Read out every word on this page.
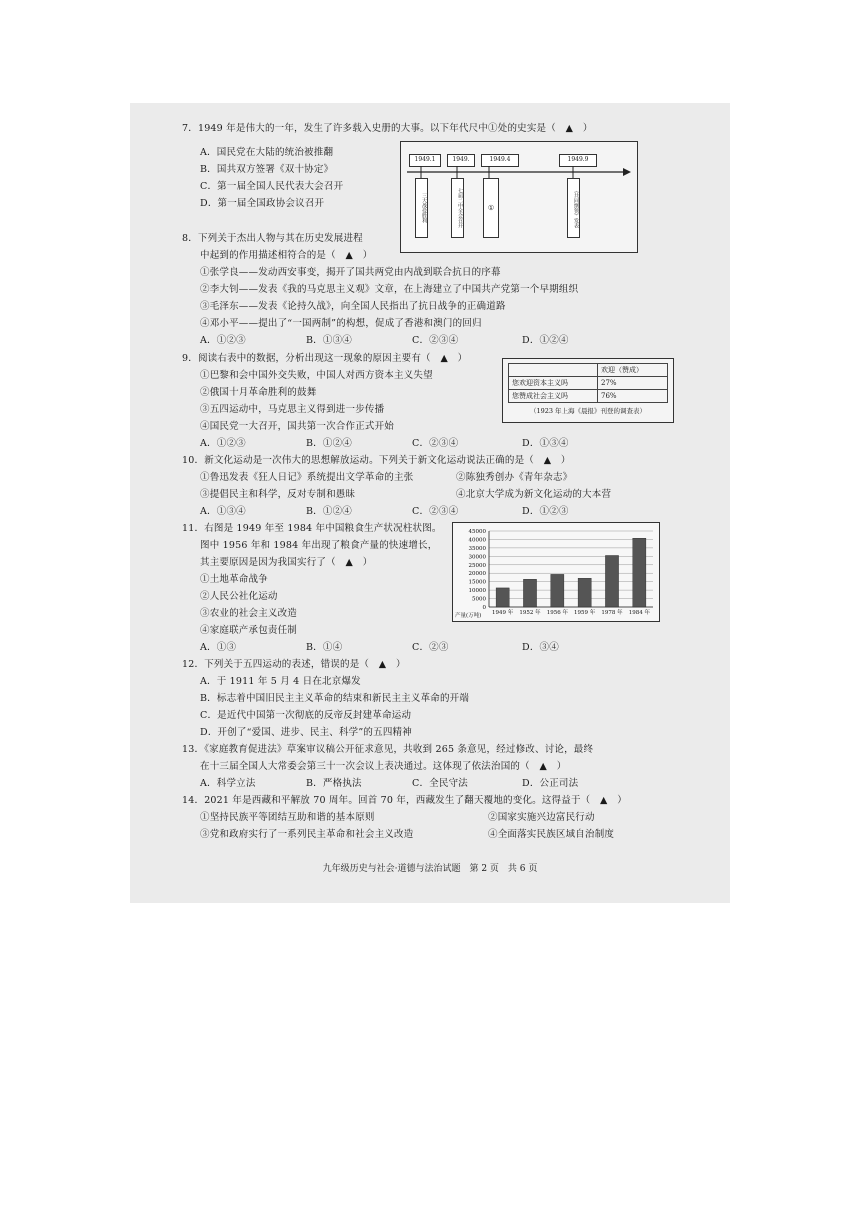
7．1949 年是伟大的一年，发生了许多载入史册的大事。以下年代尺中①处的史实是（　▲　）
A．国民党在大陆的统治被推翻
B．国共双方签署《双十协定》
C．第一届全国人民代表大会召开
D．第一届全国政协会议召开
1949.1	1949.	1949.4	1949.9
三大战役胜利	七届二中全会召开	①	《共同纲领》发表
8．下列关于杰出人物与其在历史发展进程
中起到的作用描述相符合的是（　▲　）
①张学良——发动西安事变，揭开了国共两党由内战到联合抗日的序幕
②李大钊——发表《我的马克思主义观》文章，在上海建立了中国共产党第一个早期组织
③毛泽东——发表《论持久战》，向全国人民指出了抗日战争的正确道路
④邓小平——提出了“一国两制”的构想，促成了香港和澳门的回归
A．①②③	B．①③④	C．②③④	D．①②④
9．阅读右表中的数据，分析出现这一现象的原因主要有（　▲　）
①巴黎和会中国外交失败，中国人对西方资本主义失望
②俄国十月革命胜利的鼓舞
③五四运动中，马克思主义得到进一步传播
④国民党一大召开，国共第一次合作正式开始
A．①②③	B．①②④	C．②③④	D．①③④
	欢迎（赞成）
您欢迎资本主义吗	27%
您赞成社会主义吗	76%
（1923 年上海《晨报》刊登的调查表）
10．新文化运动是一次伟大的思想解放运动。下列关于新文化运动说法正确的是（　▲　）
①鲁迅发表《狂人日记》系统提出文学革命的主张	②陈独秀创办《青年杂志》
③提倡民主和科学，反对专制和愚昧	④北京大学成为新文化运动的大本营
A．①③④	B．①②④	C．②③④	D．①②③
11．右图是 1949 年至 1984 年中国粮食生产状况柱状图。
图中 1956 年和 1984 年出现了粮食产量的快速增长，
其主要原因是因为我国实行了（　▲　）
①土地革命战争
②人民公社化运动
③农业的社会主义改造
④家庭联产承包责任制
A．①③	B．①④	C．②③	D．③④
45000
40000
35000
30000
25000
20000
15000
10000
5000
0
1949 年 1952 年 1956 年 1959 年 1978 年 1984 年
产量(万吨)
12．下列关于五四运动的表述，错误的是（　▲　）
A．于 1911 年 5 月 4 日在北京爆发
B．标志着中国旧民主主义革命的结束和新民主主义革命的开端
C．是近代中国第一次彻底的反帝反封建革命运动
D．开创了“爱国、进步、民主、科学”的五四精神
13．《家庭教育促进法》草案审议稿公开征求意见，共收到 265 条意见，经过修改、讨论，最终
在十三届全国人大常委会第三十一次会议上表决通过。这体现了依法治国的（　▲　）
A．科学立法	B．严格执法	C．全民守法	D．公正司法
14．2021 年是西藏和平解放 70 周年。回首 70 年，西藏发生了翻天覆地的变化。这得益于（　▲　）
①坚持民族平等团结互助和谐的基本原则	②国家实施兴边富民行动
③党和政府实行了一系列民主革命和社会主义改造	④全面落实民族区域自治制度
九年级历史与社会·道德与法治试题　第 2 页　共 6 页
